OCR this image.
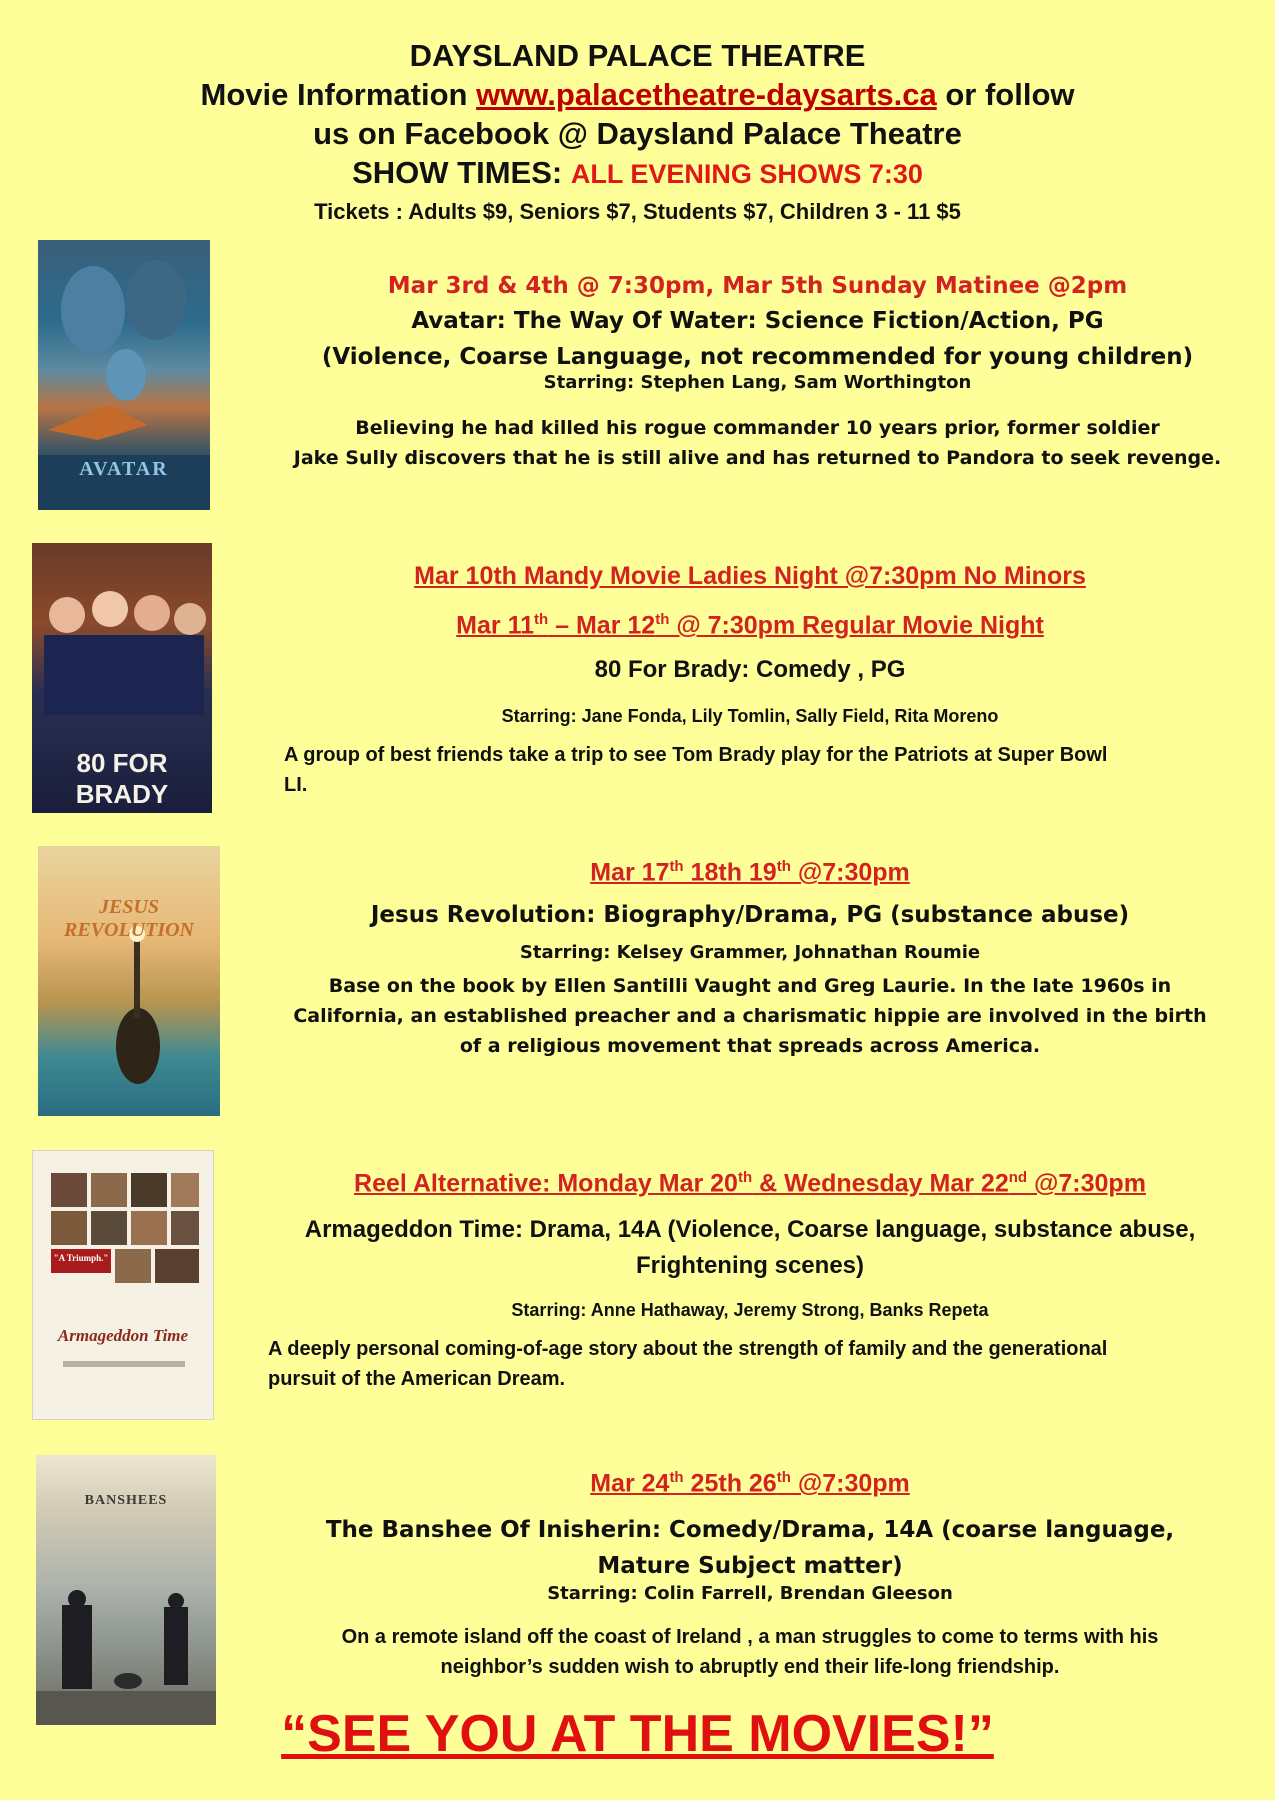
DAYSLAND PALACE THEATRE
Movie Information www.palacetheatre-daysarts.ca or follow
us on Facebook @ Daysland Palace Theatre
SHOW TIMES: ALL EVENING SHOWS 7:30
Tickets : Adults $9, Seniors $7, Students $7, Children 3 - 11 $5
AVATAR
Mar 3rd & 4th @ 7:30pm, Mar 5th Sunday Matinee @2pm
Avatar: The Way Of Water: Science Fiction/Action, PG
(Violence, Coarse Language, not recommended for young children)
Starring: Stephen Lang, Sam Worthington
Believing he had killed his rogue commander 10 years prior, former soldier
Jake Sully discovers that he is still alive and has returned to Pandora to seek revenge.
80 FOR BRADY
Mar 10th Mandy Movie Ladies Night @7:30pm No Minors
Mar 11th – Mar 12th @ 7:30pm Regular Movie Night
80 For Brady: Comedy , PG
Starring: Jane Fonda, Lily Tomlin, Sally Field, Rita Moreno
A group of best friends take a trip to see Tom Brady play for the Patriots at Super Bowl
LI.
JESUS REVOLUTION
Mar 17th 18th 19th @7:30pm
Jesus Revolution: Biography/Drama, PG (substance abuse)
Starring: Kelsey Grammer, Johnathan Roumie
Base on the book by Ellen Santilli Vaught and Greg Laurie. In the late 1960s in
California, an established preacher and a charismatic hippie are involved in the birth
of a religious movement that spreads across America.
"A Triumph."
Armageddon Time
Reel Alternative: Monday Mar 20th & Wednesday Mar 22nd @7:30pm
Armageddon Time: Drama, 14A (Violence, Coarse language, substance abuse,
Frightening scenes)
Starring: Anne Hathaway, Jeremy Strong, Banks Repeta
A deeply personal coming-of-age story about the strength of family and the generational
pursuit of the American Dream.
BANSHEES
Mar 24th 25th 26th @7:30pm
The Banshee Of Inisherin: Comedy/Drama, 14A (coarse language,
Mature Subject matter)
Starring: Colin Farrell, Brendan Gleeson
On a remote island off the coast of Ireland , a man struggles to come to terms with his
neighbor’s sudden wish to abruptly end their life-long friendship.
“SEE YOU AT THE MOVIES!”
